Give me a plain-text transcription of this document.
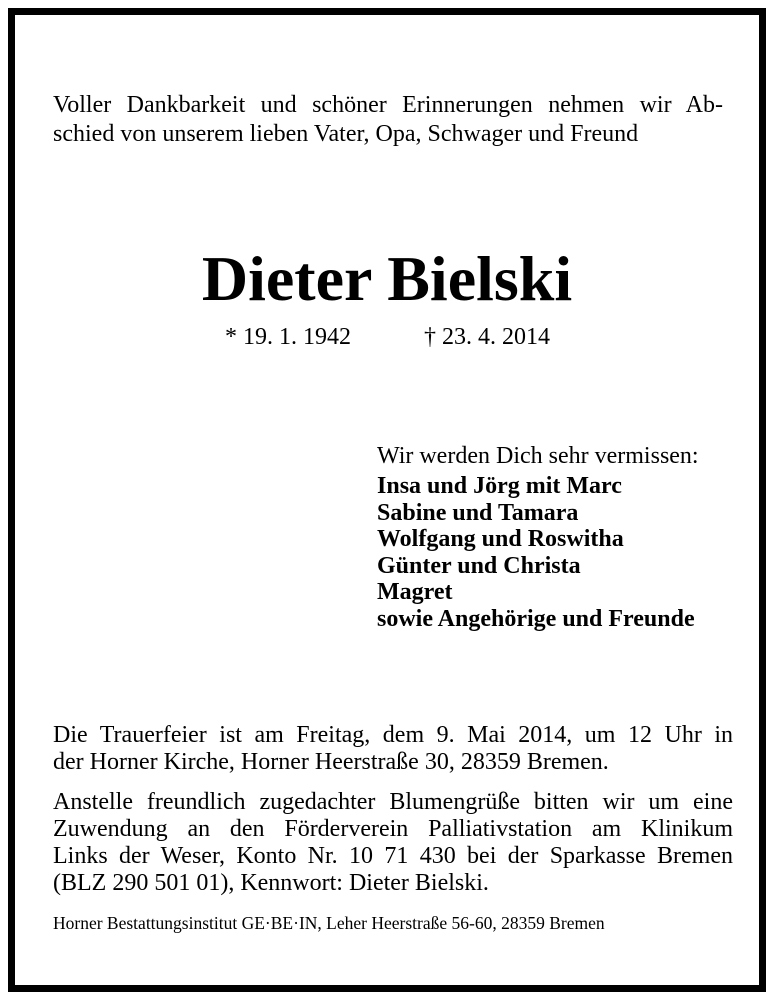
Voller Dankbarkeit und schöner Erinnerungen nehmen wir Ab-
schied von unserem lieben Vater, Opa, Schwager und Freund
Dieter Bielski
* 19. 1. 1942	† 23. 4. 2014
Wir werden Dich sehr vermissen:
Insa und Jörg mit Marc
Sabine und Tamara
Wolfgang und Roswitha
Günter und Christa
Magret
sowie Angehörige und Freunde

Die Trauerfeier ist am Freitag, dem 9. Mai 2014, um 12 Uhr in
der Horner Kirche, Horner Heerstraße 30, 28359 Bremen.

Anstelle freundlich zugedachter Blumengrüße bitten wir um eine
Zuwendung an den Förderverein Palliativstation am Klinikum
Links der Weser, Konto Nr. 10 71 430 bei der Sparkasse Bremen
(BLZ 290 501 01), Kennwort: Dieter Bielski.

Horner Bestattungsinstitut GE·BE·IN, Leher Heerstraße 56-60, 28359 Bremen
